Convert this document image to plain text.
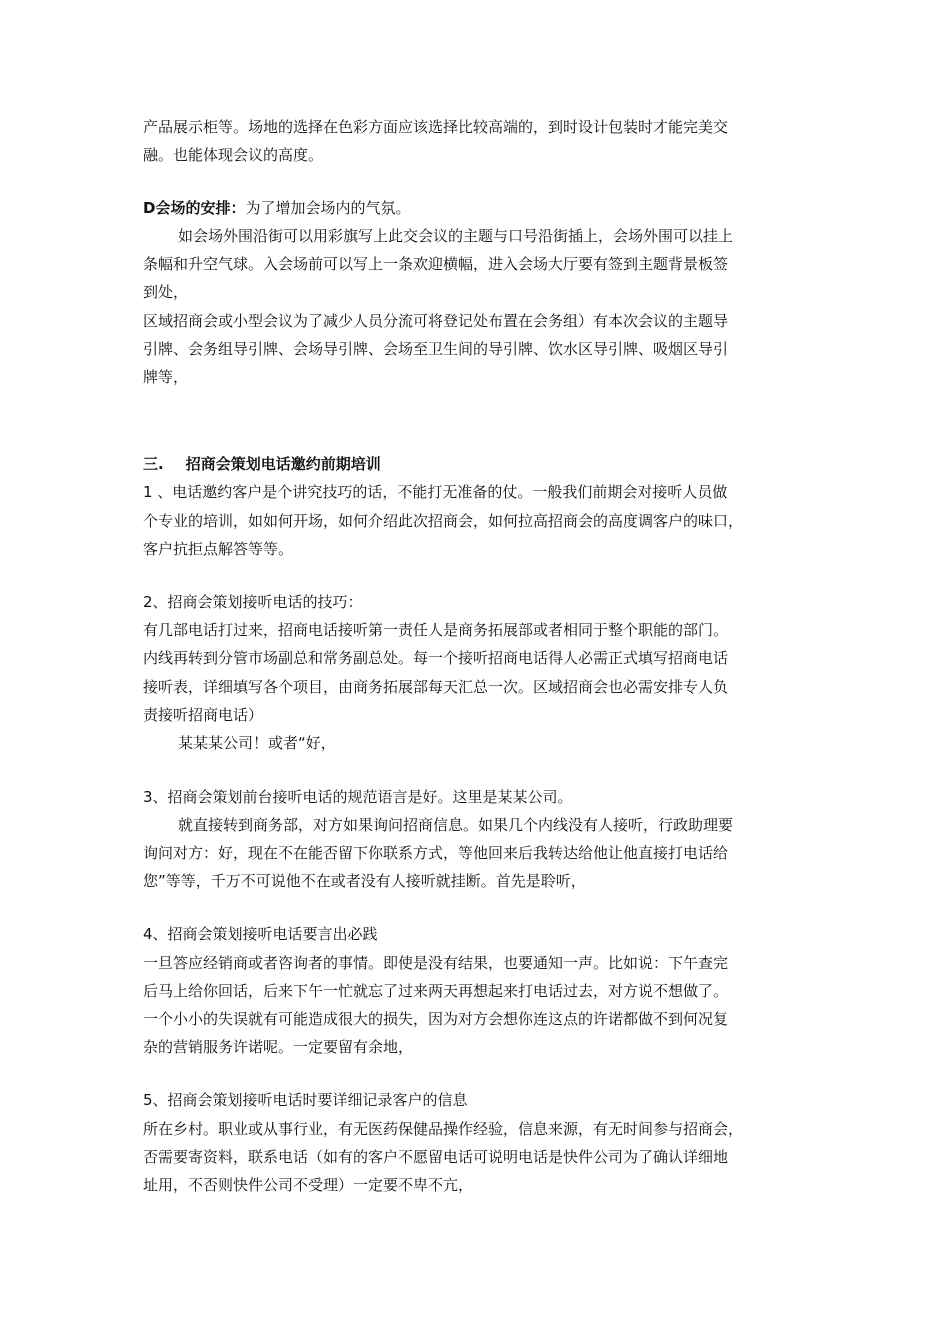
产品展示柜等。场地的选择在色彩方面应该选择比较高端的，到时设计包装时才能完美交
融。也能体现会议的高度。
D会场的安排：为了增加会场内的气氛。
如会场外围沿街可以用彩旗写上此交会议的主题与口号沿街插上，会场外围可以挂上
条幅和升空气球。入会场前可以写上一条欢迎横幅，进入会场大厅要有签到主题背景板签
到处，
区域招商会或小型会议为了减少人员分流可将登记处布置在会务组）有本次会议的主题导
引牌、会务组导引牌、会场导引牌、会场至卫生间的导引牌、饮水区导引牌、吸烟区导引
牌等，
三. 招商会策划电话邀约前期培训
1 、电话邀约客户是个讲究技巧的话，不能打无准备的仗。一般我们前期会对接听人员做
个专业的培训，如如何开场，如何介绍此次招商会，如何拉高招商会的高度调客户的味口，
客户抗拒点解答等等。
2、招商会策划接听电话的技巧：
有几部电话打过来，招商电话接听第一责任人是商务拓展部或者相同于整个职能的部门。
内线再转到分管市场副总和常务副总处。每一个接听招商电话得人必需正式填写招商电话
接听表，详细填写各个项目，由商务拓展部每天汇总一次。区域招商会也必需安排专人负
责接听招商电话）
某某某公司！或者“好，
3、招商会策划前台接听电话的规范语言是好。这里是某某公司。
就直接转到商务部，对方如果询问招商信息。如果几个内线没有人接听，行政助理要
询问对方：好，现在不在能否留下你联系方式，等他回来后我转达给他让他直接打电话给
您”等等，千万不可说他不在或者没有人接听就挂断。首先是聆听，
4、招商会策划接听电话要言出必践
一旦答应经销商或者咨询者的事情。即使是没有结果，也要通知一声。比如说：下午查完
后马上给你回话，后来下午一忙就忘了过来两天再想起来打电话过去，对方说不想做了。
一个小小的失误就有可能造成很大的损失，因为对方会想你连这点的许诺都做不到何况复
杂的营销服务许诺呢。一定要留有余地，
5、招商会策划接听电话时要详细记录客户的信息
所在乡村。职业或从事行业，有无医药保健品操作经验，信息来源，有无时间参与招商会，
否需要寄资料，联系电话（如有的客户不愿留电话可说明电话是快件公司为了确认详细地
址用，不否则快件公司不受理）一定要不卑不亢，
